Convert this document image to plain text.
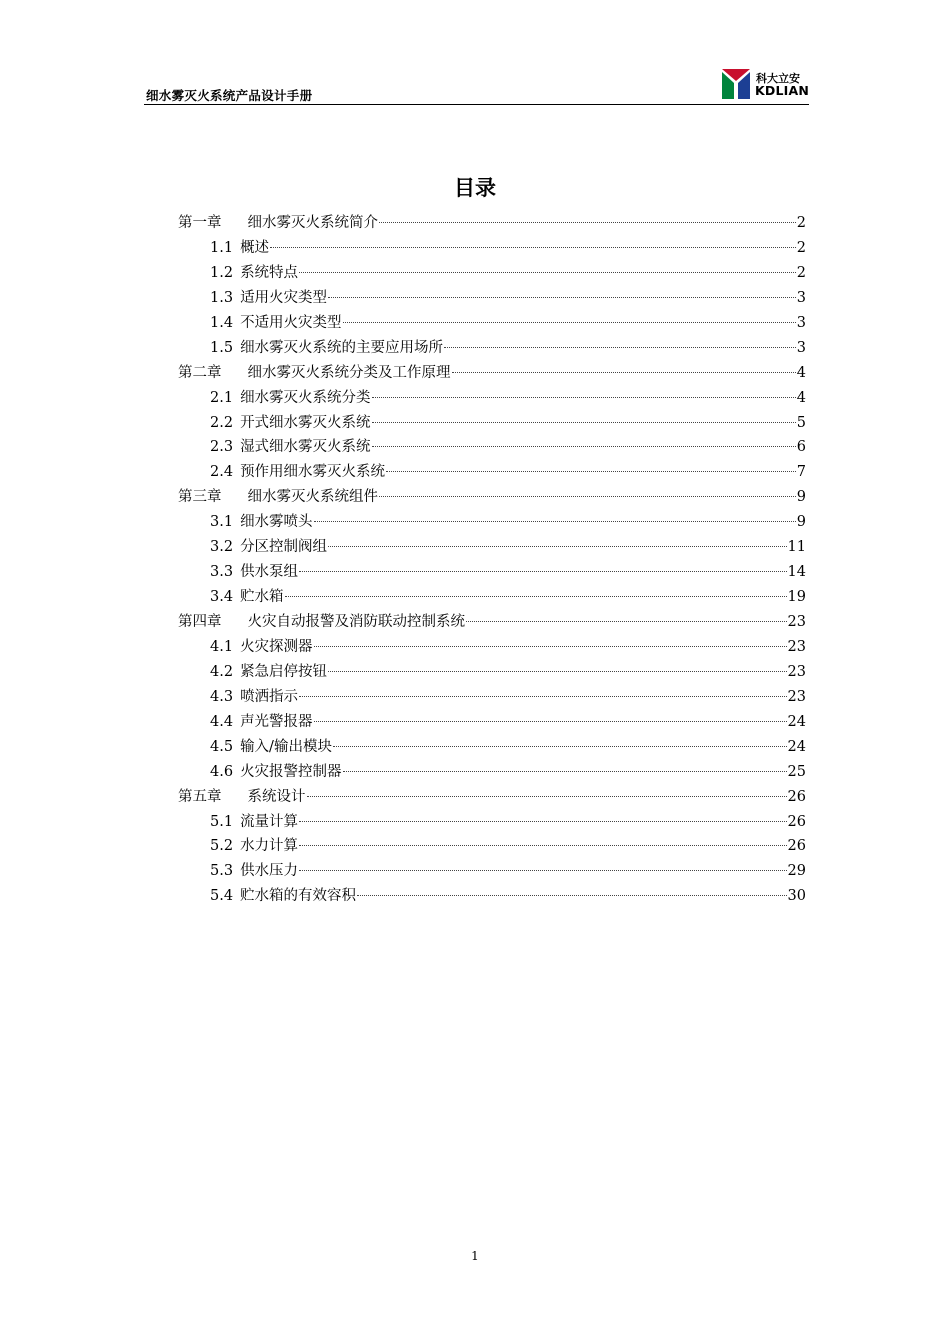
细水雾灭火系统产品设计手册
科大立安
KDLIAN
目录
第一章 细水雾灭火系统简介	2
1.1 概述	2
1.2 系统特点	2
1.3 适用火灾类型	3
1.4 不适用火灾类型	3
1.5 细水雾灭火系统的主要应用场所	3
第二章 细水雾灭火系统分类及工作原理	4
2.1 细水雾灭火系统分类	4
2.2 开式细水雾灭火系统	5
2.3 湿式细水雾灭火系统	6
2.4 预作用细水雾灭火系统	7
第三章 细水雾灭火系统组件	9
3.1 细水雾喷头	9
3.2 分区控制阀组	11
3.3 供水泵组	14
3.4 贮水箱	19
第四章 火灾自动报警及消防联动控制系统	23
4.1 火灾探测器	23
4.2 紧急启停按钮	23
4.3 喷洒指示	23
4.4 声光警报器	24
4.5 输入/输出模块	24
4.6 火灾报警控制器	25
第五章 系统设计	26
5.1 流量计算	26
5.2 水力计算	26
5.3 供水压力	29
5.4 贮水箱的有效容积	30
1
